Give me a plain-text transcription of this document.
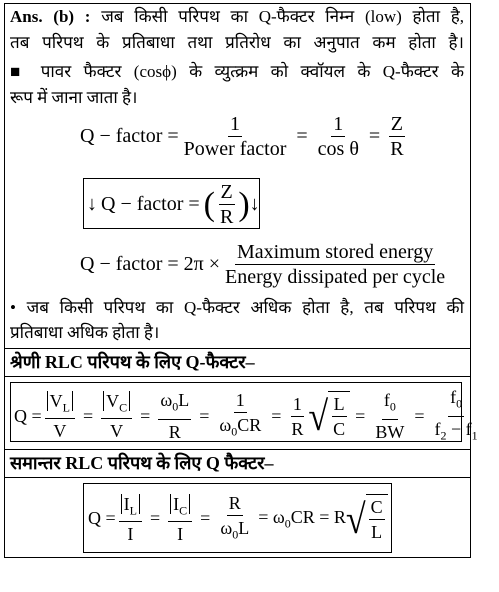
Ans. (b) : जब किसी परिपथ का Q-फैक्टर निम्न (low) होता है,
तब परिपथ के प्रतिबाधा तथा प्रतिरोध का अनुपात कम होता है।
■ पावर फैक्टर (cosϕ) के व्युत्क्रम को क्वॉयल के Q-फैक्टर के
रूप में जाना जाता है।
Q − factor = $\frac{1}{\text{Power factor}} = \frac{1}{\text{cos θ}} = \frac{Z}{R}$
↓ Q − factor = ( $\frac{Z}{R}$ ) ↓
Q − factor = $2\pi \times \frac{\text{Maximum stored energy}}{\text{Energy dissipated per cycle}}$
• जब किसी परिपथ का Q-फैक्टर अधिक होता है, तब परिपथ की
प्रतिबाधा अधिक होता है।
श्रेणी RLC परिपथ के लिए Q-फैक्टर–
$Q = \frac{V_L}{V} = \frac{V_C}{V} = \frac{\omega_0L}{R} = \frac{1}{\omega_0CR} = \frac{1}{R}$ √ $\frac{L}{C} = \frac{f_0}{BW} = \frac{f_0}{f_2 - f_1}$
समान्तर RLC परिपथ के लिए Q फैक्टर–
$Q = \frac{I_L}{I} = \frac{I_C}{I} = \frac{R}{\omega_0L} = \omega_0CR = R$ √ $\frac{C}{L}$
